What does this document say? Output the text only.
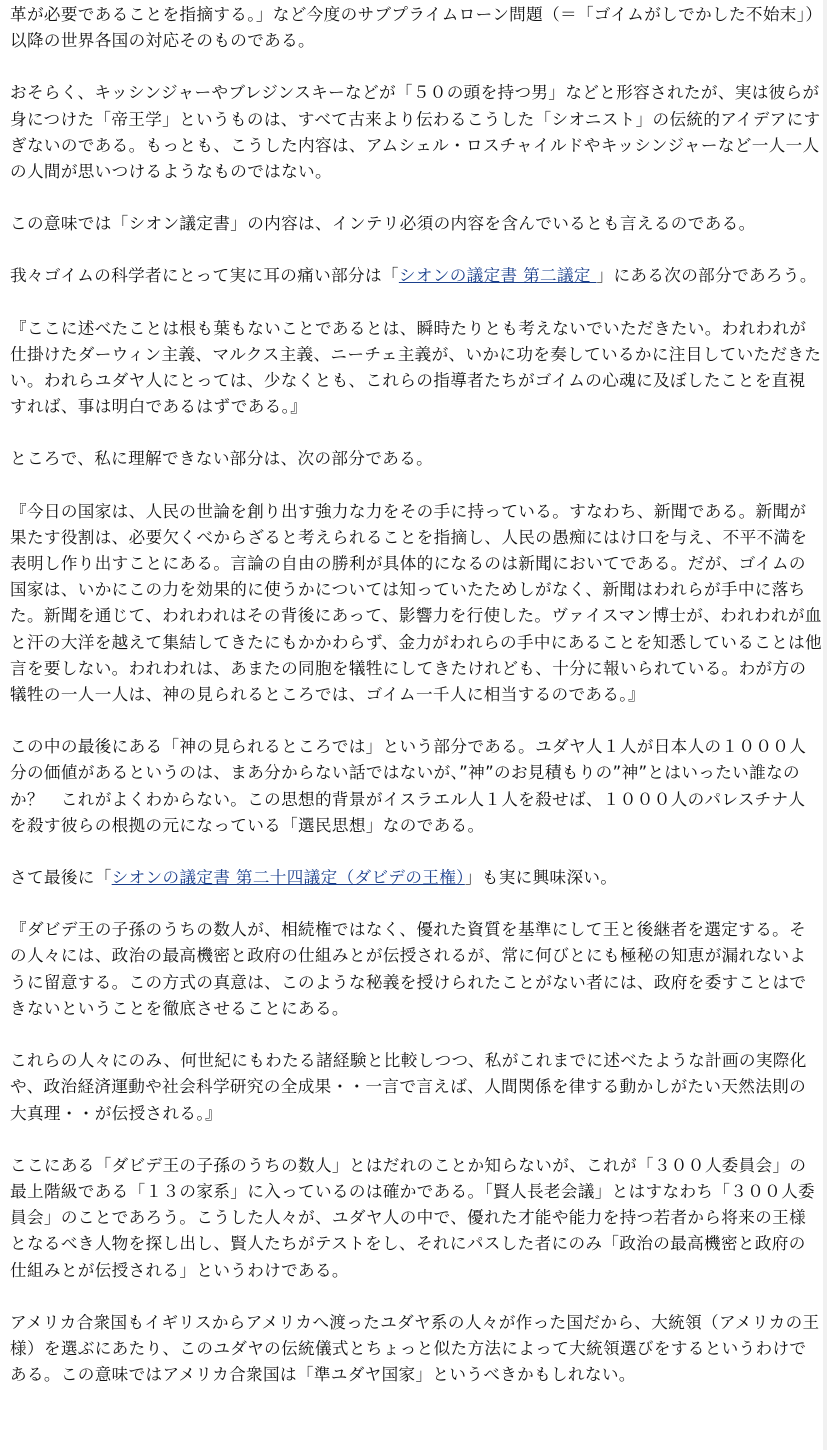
革が必要であることを指摘する。」など今度のサブプライムローン問題（＝「ゴイムがしでかした不始末」）以降の世界各国の対応そのものである。

おそらく、キッシンジャーやブレジンスキーなどが「５０の頭を持つ男」などと形容されたが、実は彼らが身につけた「帝王学」というものは、すべて古来より伝わるこうした「シオニスト」の伝統的アイデアにすぎないのである。もっとも、こうした内容は、アムシェル・ロスチャイルドやキッシンジャーなど一人一人の人間が思いつけるようなものではない。

この意味では「シオン議定書」の内容は、インテリ必須の内容を含んでいるとも言えるのである。

我々ゴイムの科学者にとって実に耳の痛い部分は「シオンの議定書 第二議定 」にある次の部分であろう。

『ここに述べたことは根も葉もないことであるとは、瞬時たりとも考えないでいただきたい。われわれが仕掛けたダーウィン主義、マルクス主義、ニーチェ主義が、いかに功を奏しているかに注目していただきたい。われらユダヤ人にとっては、少なくとも、これらの指導者たちがゴイムの心魂に及ぼしたことを直視すれば、事は明白であるはずである。』

ところで、私に理解できない部分は、次の部分である。

『今日の国家は、人民の世論を創り出す強力な力をその手に持っている。すなわち、新聞である。新聞が果たす役割は、必要欠くべからざると考えられることを指摘し、人民の愚痴にはけ口を与え、不平不満を表明し作り出すことにある。言論の自由の勝利が具体的になるのは新聞においてである。だが、ゴイムの国家は、いかにこの力を効果的に使うかについては知っていたためしがなく、新聞はわれらが手中に落ちた。新聞を通じて、われわれはその背後にあって、影響力を行使した。ヴァイスマン博士が、われわれが血と汗の大洋を越えて集結してきたにもかかわらず、金力がわれらの手中にあることを知悉していることは他言を要しない。われわれは、あまたの同胞を犠牲にしてきたけれども、十分に報いられている。わが方の犠牲の一人一人は、神の見られるところでは、ゴイム一千人に相当するのである。』

この中の最後にある「神の見られるところでは」という部分である。ユダヤ人１人が日本人の１０００人分の価値があるというのは、まあ分からない話ではないが、”神”のお見積もりの”神”とはいったい誰なのか？　これがよくわからない。この思想的背景がイスラエル人１人を殺せば、１０００人のパレスチナ人を殺す彼らの根拠の元になっている「選民思想」なのである。

さて最後に「シオンの議定書 第二十四議定（ダビデの王権）」も実に興味深い。

『ダビデ王の子孫のうちの数人が、相続権ではなく、優れた資質を基準にして王と後継者を選定する。その人々には、政治の最高機密と政府の仕組みとが伝授されるが、常に何びとにも極秘の知恵が漏れないように留意する。この方式の真意は、このような秘義を授けられたことがない者には、政府を委すことはできないということを徹底させることにある。

これらの人々にのみ、何世紀にもわたる諸経験と比較しつつ、私がこれまでに述べたような計画の実際化や、政治経済運動や社会科学研究の全成果・・一言で言えば、人間関係を律する動かしがたい天然法則の大真理・・が伝授される。』

ここにある「ダビデ王の子孫のうちの数人」とはだれのことか知らないが、これが「３００人委員会」の最上階級である「１３の家系」に入っているのは確かである。「賢人長老会議」とはすなわち「３００人委員会」のことであろう。こうした人々が、ユダヤ人の中で、優れた才能や能力を持つ若者から将来の王様となるべき人物を探し出し、賢人たちがテストをし、それにパスした者にのみ「政治の最高機密と政府の仕組みとが伝授される」というわけである。

アメリカ合衆国もイギリスからアメリカへ渡ったユダヤ系の人々が作った国だから、大統領（アメリカの王様）を選ぶにあたり、このユダヤの伝統儀式とちょっと似た方法によって大統領選びをするというわけである。この意味ではアメリカ合衆国は「準ユダヤ国家」というべきかもしれない。
